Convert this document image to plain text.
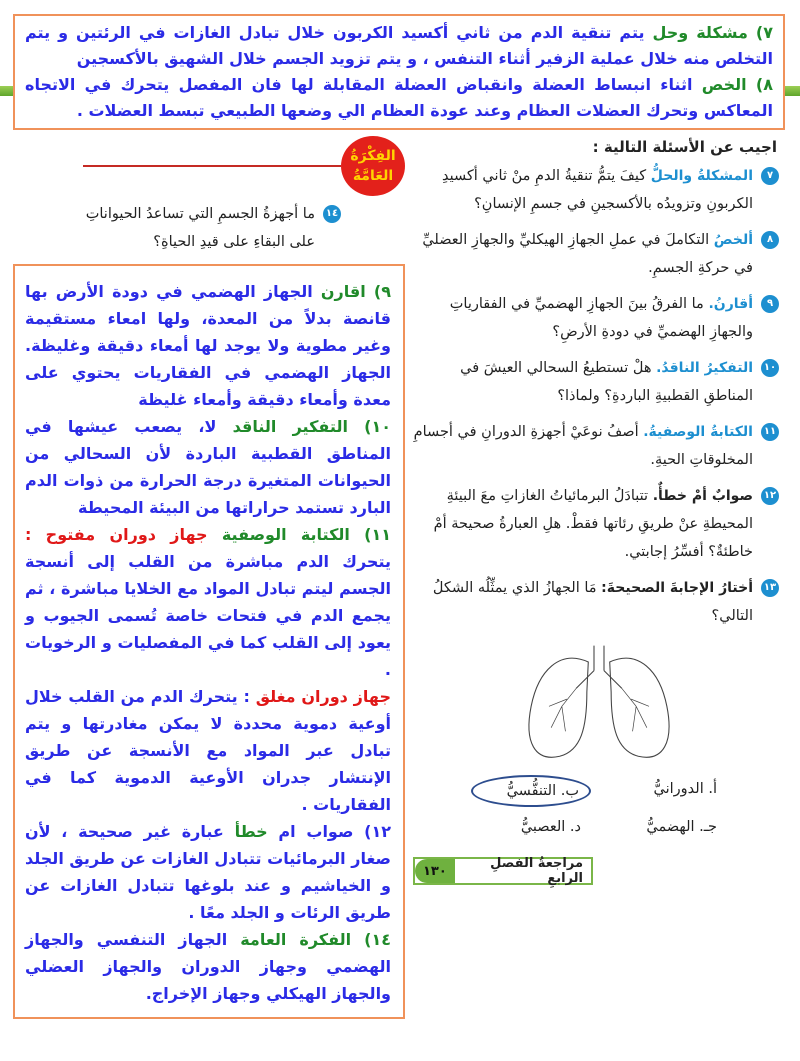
٧) مشكلة وحل يتم تنقية الدم من ثاني أكسيد الكربون خلال تبادل الغازات في الرئتين و يتم التخلص منه خلال عملية الزفير أثناء التنفس ، و يتم تزويد الجسم خلال الشهيق بالأكسجين
٨) الخص اثناء انبساط العضلة وانقباض العضلة المقابلة لها فان المفصل يتحرك في الاتجاه المعاكس وتحرك العضلات العظام وعند عودة العظام الي وضعها الطبيعي تبسط العضلات .
اجيب عن الأسئلة التالية :
٧
المشكلةُ والحلُّ كيفَ يتمُّ تنقيةُ الدمِ منْ ثاني أكسيدِ الكربونِ وتزويدُه بالأكسجينِ في جسمِ الإنسانِ؟
٨
ألخصُ التكاملَ في عملِ الجهازِ الهيكليِّ والجهازِ العضليِّ في حركةِ الجسمِ.
٩
أقارنُ. ما الفرقُ بينَ الجهازِ الهضميِّ في الفقارياتِ والجهازِ الهضميِّ في دودةِ الأرضِ؟
١٠
التفكيرُ الناقدُ. هلْ تستطيعُ السحالي العيشَ في المناطقِ القطبيةِ الباردةِ؟ ولماذا؟
١١
الكتابةُ الوصفيةُ. أصفُ نوعَيْ أجهزةِ الدورانِ في أجسامِ المخلوقاتِ الحيةِ.
١٢
صوابٌ أمْ خطأٌ. تتبادَلُ البرمائياتُ الغازاتِ معَ البيئةِ المحيطةِ عنْ طريقِ رئاتها فقطْ. هلِ العبارةُ صحيحة أمْ خاطئةٌ؟ أفسِّرُ إجابتي.
١٣
أختارُ الإجابةَ الصحيحةَ: مَا الجهازُ الذي يمثِّلُه الشكلُ التالي؟
أ. الدورانيُّ
ب. التنفُّسيُّ
جـ. الهضميُّ
د. العصبيُّ
مراجعةُ الفصلِ الرابعِ
١٣٠
الفِكْرَةُ
العَامَّةُ
١٤
ما أجهزةُ الجسمِ التي تساعدُ الحيواناتِ على البقاءِ على قيدِ الحياةِ؟
٩) اقارن الجهاز الهضمي في دودة الأرض بها قانصة بدلاً من المعدة، ولها امعاء مستقيمة وغير مطوية ولا يوجد لها أمعاء دقيقة وغليظة. الجهاز الهضمي في الفقاريات يحتوي على معدة وأمعاء دقيقة وأمعاء غليظة
١٠) التفكير الناقد لا، يصعب عيشها في المناطق القطبية الباردة لأن السحالي من الحيوانات المتغيرة درجة الحرارة من ذوات الدم البارد تستمد حراراتها من البيئة المحيطة
١١) الكتابة الوصفية جهاز دوران مفتوح : يتحرك الدم مباشرة من القلب إلى أنسجة الجسم ليتم تبادل المواد مع الخلايا مباشرة ، ثم يجمع الدم في فتحات خاصة تُسمى الجيوب و يعود إلى القلب كما في المفصليات و الرخويات .
جهاز دوران مغلق : يتحرك الدم من القلب خلال أوعية دموية محددة لا يمكن مغادرتها و يتم تبادل عبر المواد مع الأنسجة عن طريق الإنتشار جدران الأوعية الدموية كما في الفقاريات .
١٢) صواب ام خطأ عبارة غير صحيحة ، لأن صغار البرمائيات تتبادل الغازات عن طريق الجلد و الخياشيم و عند بلوغها تتبادل الغازات عن طريق الرئات و الجلد معًا .
١٤) الفكرة العامة الجهاز التنفسي والجهاز الهضمي وجهاز الدوران والجهاز العضلي والجهاز الهيكلي وجهاز الإخراج.
